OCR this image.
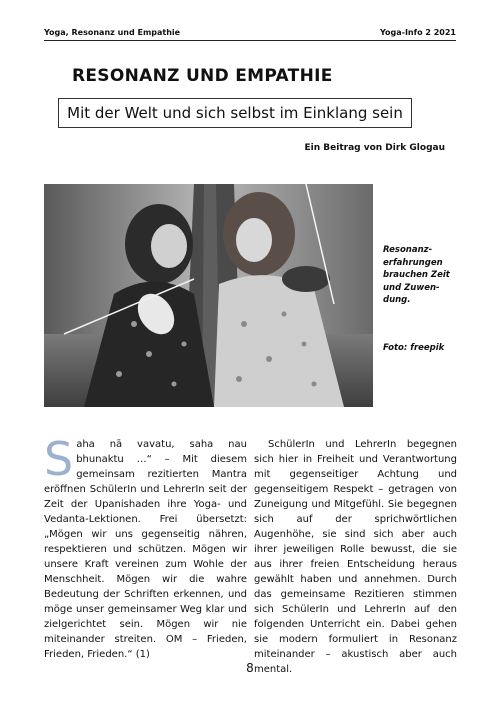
Yoga, Resonanz und Empathie	Yoga-Info 2 2021
RESONANZ UND EMPATHIE
Mit der Welt und sich selbst im Einklang sein
Ein Beitrag von Dirk Glogau
Resonanz-erfahrungen brauchen Zeit und Zuwen-dung.
Foto: freepik
Saha nā vavatu, saha nau bhunaktu …“ – Mit diesem gemeinsam rezitierten Mantra eröffnen SchülerIn und LehrerIn seit der Zeit der Upanishaden ihre Yoga- und Vedanta-Lektionen. Frei übersetzt: „Mögen wir uns gegenseitig nähren, respektieren und schützen. Mögen wir unsere Kraft vereinen zum Wohle der Menschheit. Mögen wir die wahre Bedeutung der Schriften erkennen, und möge unser gemeinsamer Weg klar und zielgerichtet sein. Mögen wir nie miteinander streiten. OM – Frieden, Frieden, Frieden.“ (1)
SchülerIn und LehrerIn begegnen sich hier in Freiheit und Verantwortung mit gegenseitiger Achtung und gegenseitigem Respekt – getragen von Zuneigung und Mitgefühl. Sie begegnen sich auf der sprichwörtlichen Augenhöhe, sie sind sich aber auch ihrer jeweiligen Rolle bewusst, die sie aus ihrer freien Entscheidung heraus gewählt haben und annehmen. Durch das gemeinsame Rezitieren stimmen sich SchülerIn und LehrerIn auf den folgenden Unterricht ein. Dabei gehen sie modern formuliert in Resonanz miteinander – akustisch aber auch mental.
8
